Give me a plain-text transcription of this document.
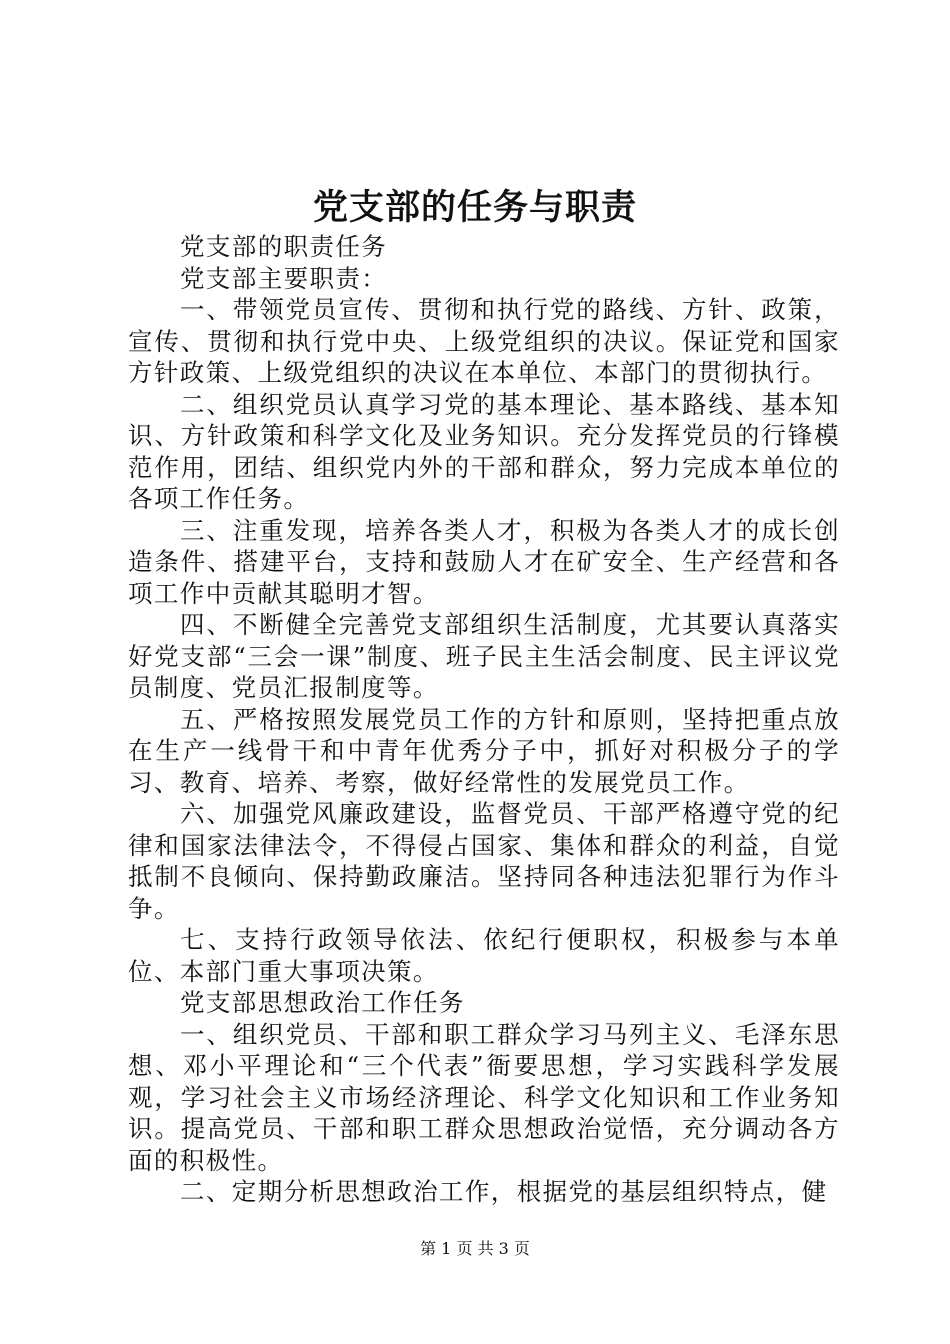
党支部的任务与职责

党支部的职责任务

党支部主要职责：

一、带领党员宣传、贯彻和执行党的路线、方针、政策，宣传、贯彻和执行党中央、上级党组织的决议。保证党和国家方针政策、上级党组织的决议在本单位、本部门的贯彻执行。

二、组织党员认真学习党的基本理论、基本路线、基本知识、方针政策和科学文化及业务知识。充分发挥党员的行锋模范作用，团结、组织党内外的干部和群众，努力完成本单位的各项工作任务。

三、注重发现，培养各类人才，积极为各类人才的成长创造条件、搭建平台，支持和鼓励人才在矿安全、生产经营和各项工作中贡献其聪明才智。

四、不断健全完善党支部组织生活制度，尤其要认真落实好党支部“三会一课”制度、班子民主生活会制度、民主评议党员制度、党员汇报制度等。

五、严格按照发展党员工作的方针和原则，坚持把重点放在生产一线骨干和中青年优秀分子中，抓好对积极分子的学习、教育、培养、考察，做好经常性的发展党员工作。

六、加强党风廉政建设，监督党员、干部严格遵守党的纪律和国家法律法令，不得侵占国家、集体和群众的利益，自觉抵制不良倾向、保持勤政廉洁。坚持同各种违法犯罪行为作斗争。

七、支持行政领导依法、依纪行便职权，积极参与本单位、本部门重大事项决策。

党支部思想政治工作任务

一、组织党员、干部和职工群众学习马列主义、毛泽东思想、邓小平理论和“三个代表”衙要思想，学习实践科学发展观，学习社会主义市场经济理论、科学文化知识和工作业务知识。提高党员、干部和职工群众思想政治觉悟，充分调动各方面的积极性。

二、定期分析思想政治工作，根据党的基层组织特点，健

第 1 页 共 3 页
